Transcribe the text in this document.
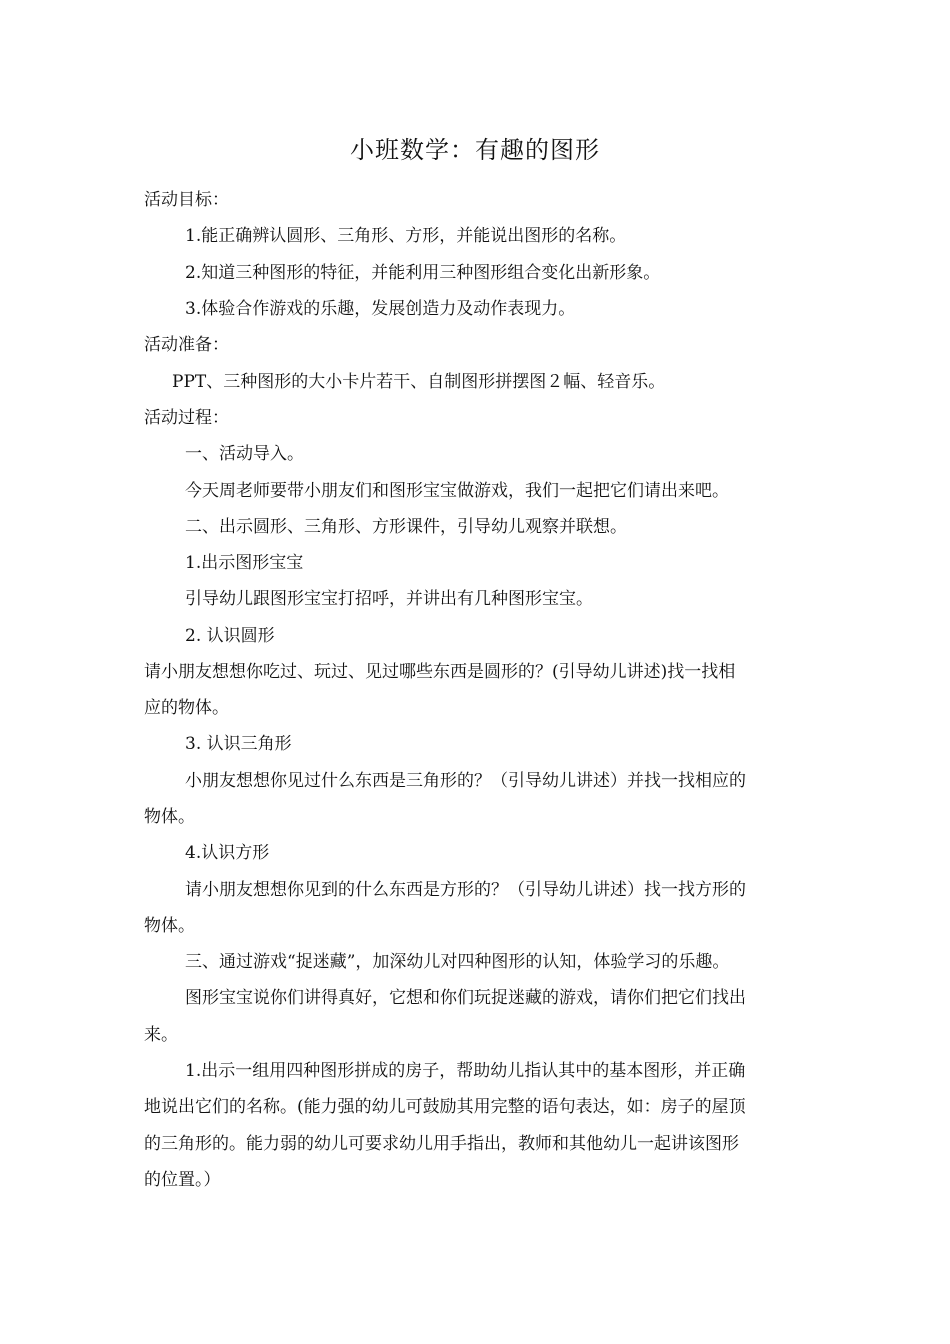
小班数学：有趣的图形
活动目标：
1.能正确辨认圆形、三角形、方形，并能说出图形的名称。
2.知道三种图形的特征，并能利用三种图形组合变化出新形象。
3.体验合作游戏的乐趣，发展创造力及动作表现力。
活动准备：
PPT、三种图形的大小卡片若干、自制图形拼摆图２幅、轻音乐。
活动过程：
一、活动导入。
今天周老师要带小朋友们和图形宝宝做游戏，我们一起把它们请出来吧。
二、出示圆形、三角形、方形课件，引导幼儿观察并联想。
1.出示图形宝宝
引导幼儿跟图形宝宝打招呼，并讲出有几种图形宝宝。
2. 认识圆形
请小朋友想想你吃过、玩过、见过哪些东西是圆形的？(引导幼儿讲述)找一找相
应的物体。
3. 认识三角形
小朋友想想你见过什么东西是三角形的？（引导幼儿讲述）并找一找相应的
物体。
4.认识方形
请小朋友想想你见到的什么东西是方形的？（引导幼儿讲述）找一找方形的
物体。
三、通过游戏“捉迷藏”，加深幼儿对四种图形的认知，体验学习的乐趣。
图形宝宝说你们讲得真好，它想和你们玩捉迷藏的游戏，请你们把它们找出
来。
1.出示一组用四种图形拼成的房子，帮助幼儿指认其中的基本图形，并正确
地说出它们的名称。(能力强的幼儿可鼓励其用完整的语句表达，如：房子的屋顶
的三角形的。能力弱的幼儿可要求幼儿用手指出，教师和其他幼儿一起讲该图形
的位置。）
